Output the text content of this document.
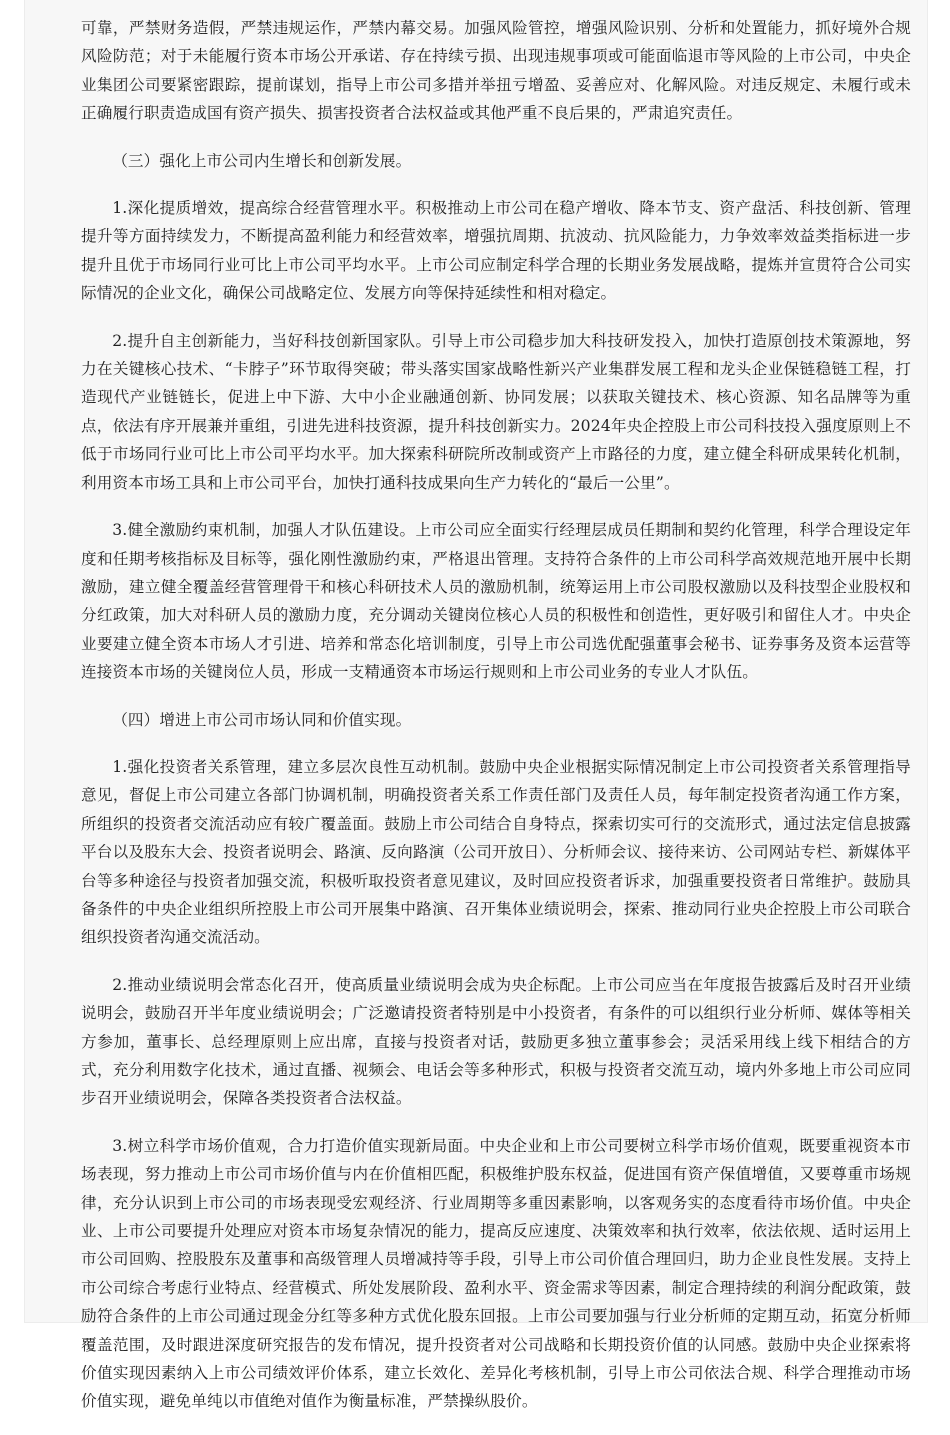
可靠，严禁财务造假，严禁违规运作，严禁内幕交易。加强风险管控，增强风险识别、分析和处置能力，抓好境外合规风险防范；对于未能履行资本市场公开承诺、存在持续亏损、出现违规事项或可能面临退市等风险的上市公司，中央企业集团公司要紧密跟踪，提前谋划，指导上市公司多措并举扭亏增盈、妥善应对、化解风险。对违反规定、未履行或未正确履行职责造成国有资产损失、损害投资者合法权益或其他严重不良后果的，严肃追究责任。

（三）强化上市公司内生增长和创新发展。

1.深化提质增效，提高综合经营管理水平。积极推动上市公司在稳产增收、降本节支、资产盘活、科技创新、管理提升等方面持续发力，不断提高盈利能力和经营效率，增强抗周期、抗波动、抗风险能力，力争效率效益类指标进一步提升且优于市场同行业可比上市公司平均水平。上市公司应制定科学合理的长期业务发展战略，提炼并宣贯符合公司实际情况的企业文化，确保公司战略定位、发展方向等保持延续性和相对稳定。

2.提升自主创新能力，当好科技创新国家队。引导上市公司稳步加大科技研发投入，加快打造原创技术策源地，努力在关键核心技术、“卡脖子”环节取得突破；带头落实国家战略性新兴产业集群发展工程和龙头企业保链稳链工程，打造现代产业链链长，促进上中下游、大中小企业融通创新、协同发展；以获取关键技术、核心资源、知名品牌等为重点，依法有序开展兼并重组，引进先进科技资源，提升科技创新实力。2024年央企控股上市公司科技投入强度原则上不低于市场同行业可比上市公司平均水平。加大探索科研院所改制或资产上市路径的力度，建立健全科研成果转化机制，利用资本市场工具和上市公司平台，加快打通科技成果向生产力转化的“最后一公里”。

3.健全激励约束机制，加强人才队伍建设。上市公司应全面实行经理层成员任期制和契约化管理，科学合理设定年度和任期考核指标及目标等，强化刚性激励约束，严格退出管理。支持符合条件的上市公司科学高效规范地开展中长期激励，建立健全覆盖经营管理骨干和核心科研技术人员的激励机制，统筹运用上市公司股权激励以及科技型企业股权和分红政策，加大对科研人员的激励力度，充分调动关键岗位核心人员的积极性和创造性，更好吸引和留住人才。中央企业要建立健全资本市场人才引进、培养和常态化培训制度，引导上市公司选优配强董事会秘书、证券事务及资本运营等连接资本市场的关键岗位人员，形成一支精通资本市场运行规则和上市公司业务的专业人才队伍。

（四）增进上市公司市场认同和价值实现。

1.强化投资者关系管理，建立多层次良性互动机制。鼓励中央企业根据实际情况制定上市公司投资者关系管理指导意见，督促上市公司建立各部门协调机制，明确投资者关系工作责任部门及责任人员，每年制定投资者沟通工作方案，所组织的投资者交流活动应有较广覆盖面。鼓励上市公司结合自身特点，探索切实可行的交流形式，通过法定信息披露平台以及股东大会、投资者说明会、路演、反向路演（公司开放日）、分析师会议、接待来访、公司网站专栏、新媒体平台等多种途径与投资者加强交流，积极听取投资者意见建议，及时回应投资者诉求，加强重要投资者日常维护。鼓励具备条件的中央企业组织所控股上市公司开展集中路演、召开集体业绩说明会，探索、推动同行业央企控股上市公司联合组织投资者沟通交流活动。

2.推动业绩说明会常态化召开，使高质量业绩说明会成为央企标配。上市公司应当在年度报告披露后及时召开业绩说明会，鼓励召开半年度业绩说明会；广泛邀请投资者特别是中小投资者，有条件的可以组织行业分析师、媒体等相关方参加，董事长、总经理原则上应出席，直接与投资者对话，鼓励更多独立董事参会；灵活采用线上线下相结合的方式，充分利用数字化技术，通过直播、视频会、电话会等多种形式，积极与投资者交流互动，境内外多地上市公司应同步召开业绩说明会，保障各类投资者合法权益。

3.树立科学市场价值观，合力打造价值实现新局面。中央企业和上市公司要树立科学市场价值观，既要重视资本市场表现，努力推动上市公司市场价值与内在价值相匹配，积极维护股东权益，促进国有资产保值增值，又要尊重市场规律，充分认识到上市公司的市场表现受宏观经济、行业周期等多重因素影响，以客观务实的态度看待市场价值。中央企业、上市公司要提升处理应对资本市场复杂情况的能力，提高反应速度、决策效率和执行效率，依法依规、适时运用上市公司回购、控股股东及董事和高级管理人员增减持等手段，引导上市公司价值合理回归，助力企业良性发展。支持上市公司综合考虑行业特点、经营模式、所处发展阶段、盈利水平、资金需求等因素，制定合理持续的利润分配政策，鼓励符合条件的上市公司通过现金分红等多种方式优化股东回报。上市公司要加强与行业分析师的定期互动，拓宽分析师覆盖范围，及时跟进深度研究报告的发布情况，提升投资者对公司战略和长期投资价值的认同感。鼓励中央企业探索将价值实现因素纳入上市公司绩效评价体系，建立长效化、差异化考核机制，引导上市公司依法合规、科学合理推动市场价值实现，避免单纯以市值绝对值作为衡量标准，严禁操纵股价。
